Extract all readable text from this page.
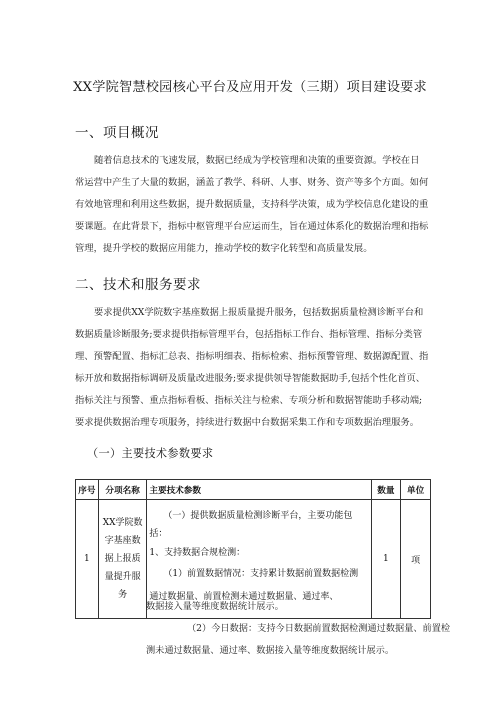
XX学院智慧校园核心平台及应用开发（三期）项目建设要求
一、项目概况
随着信息技术的飞速发展，数据已经成为学校管理和决策的重要资源。学校在日
常运营中产生了大量的数据，涵盖了教学、科研、人事、财务、资产等多个方面。如何
有效地管理和利用这些数据，提升数据质量，支持科学决策，成为学校信息化建设的重
要课题。在此背景下，指标中枢管理平台应运而生，旨在通过体系化的数据治理和指标
管理，提升学校的数据应用能力，推动学校的数字化转型和高质量发展。
二、技术和服务要求
要求提供XX学院数字基座数据上报质量提升服务，包括数据质量检测诊断平台和
数据质量诊断服务;要求提供指标管理平台，包括指标工作台、指标管理、指标分类管
理、预警配置、指标汇总表、指标明细表、指标检索、指标预警管理、数据源配置、指
标开放和数据指标调研及质量改进服务;要求提供领导智能数据助手,包括个性化首页、
指标关注与预警、重点指标看板、指标关注与检索、专项分析和数据智能助手移动端;
要求提供数据治理专项服务，持续进行数据中台数据采集工作和专项数据治理服务。
（一）主要技术参数要求
序号	分项名称	主要技术参数	数量	单位
1	XX学院数字基座数据上报质量提升服务	（一）提供数据质量检测诊断平台，主要功能包
括：
1、支持数据合规检测：
（1）前置数据情况：支持累计数据前置数据检测
通过数据量、前置检测未通过数据量、通过率、	1	项
数据接入量等维度数据统计展示。
（2）今日数据：支持今日数据前置数据检测通过数据量、前置检
测未通过数据量、通过率、数据接入量等维度数据统计展示。
